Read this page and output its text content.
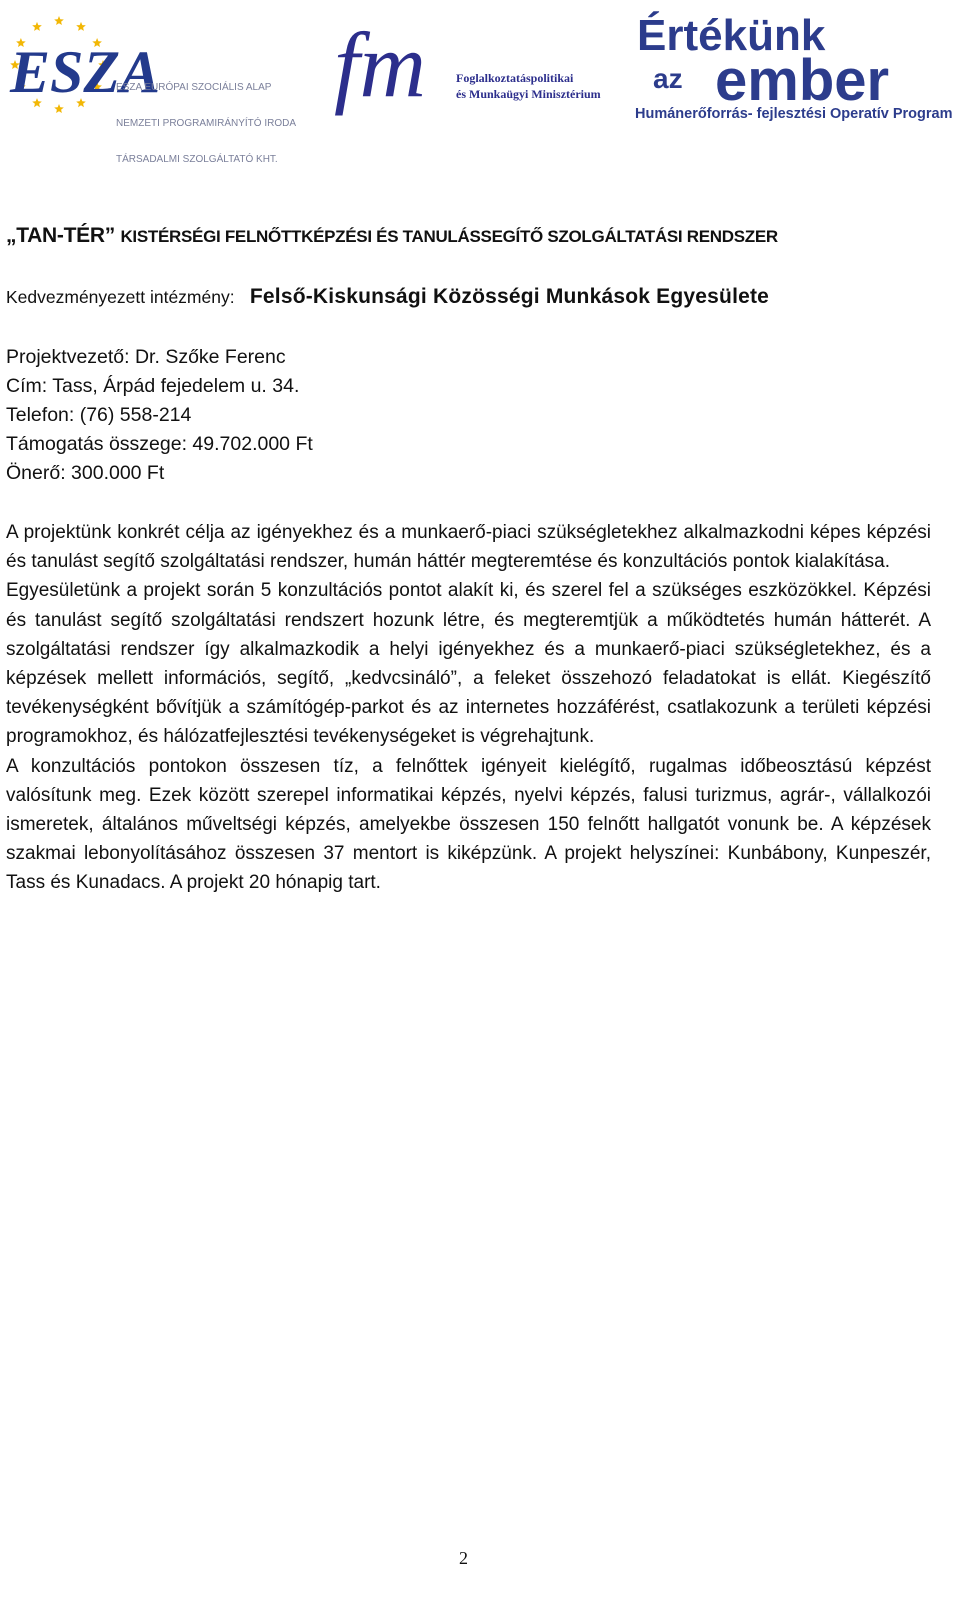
ESZA

ESZA EURÓPAI SZOCIÁLIS ALAP

NEMZETI PROGRAMIRÁNYÍTÓ IRODA

TÁRSADALMI SZOLGÁLTATÓ KHT.

fm	Foglalkoztatáspolitikai
és Munkaügyi Minisztérium
Értékünk
az ember
Humánerőforrás- fejlesztési Operatív Program
„TAN-TÉR” KISTÉRSÉGI FELNŐTTKÉPZÉSI ÉS TANULÁSSEGÍTŐ SZOLGÁLTATÁSI RENDSZER
Kedvezményezett intézmény: Felső-Kiskunsági Közösségi Munkások Egyesülete
Projektvezető: Dr. Szőke Ferenc
Cím: Tass, Árpád fejedelem u. 34.
Telefon: (76) 558-214
Támogatás összege: 49.702.000 Ft
Önerő: 300.000 Ft

A projektünk konkrét célja az igényekhez és a munkaerő-piaci szükségletekhez alkalmazkodni képes képzési és tanulást segítő szolgáltatási rendszer, humán háttér megteremtése és konzultációs pontok kialakítása.

Egyesületünk a projekt során 5 konzultációs pontot alakít ki, és szerel fel a szükséges eszközökkel. Képzési és tanulást segítő szolgáltatási rendszert hozunk létre, és megteremtjük a működtetés humán hátterét. A szolgáltatási rendszer így alkalmazkodik a helyi igényekhez és a munkaerő-piaci szükségletekhez, és a képzések mellett információs, segítő, „kedvcsináló”, a feleket összehozó feladatokat is ellát. Kiegészítő tevékenységként bővítjük a számítógép-parkot és az internetes hozzáférést, csatlakozunk a területi képzési programokhoz, és hálózatfejlesztési tevékenységeket is végrehajtunk.

A konzultációs pontokon összesen tíz, a felnőttek igényeit kielégítő, rugalmas időbeosztású képzést valósítunk meg. Ezek között szerepel informatikai képzés, nyelvi képzés, falusi turizmus, agrár-, vállalkozói ismeretek, általános műveltségi képzés, amelyekbe összesen 150 felnőtt hallgatót vonunk be. A képzések szakmai lebonyolításához összesen 37 mentort is kiképzünk. A projekt helyszínei: Kunbábony, Kunpeszér, Tass és Kunadacs. A projekt 20 hónapig tart.

2
